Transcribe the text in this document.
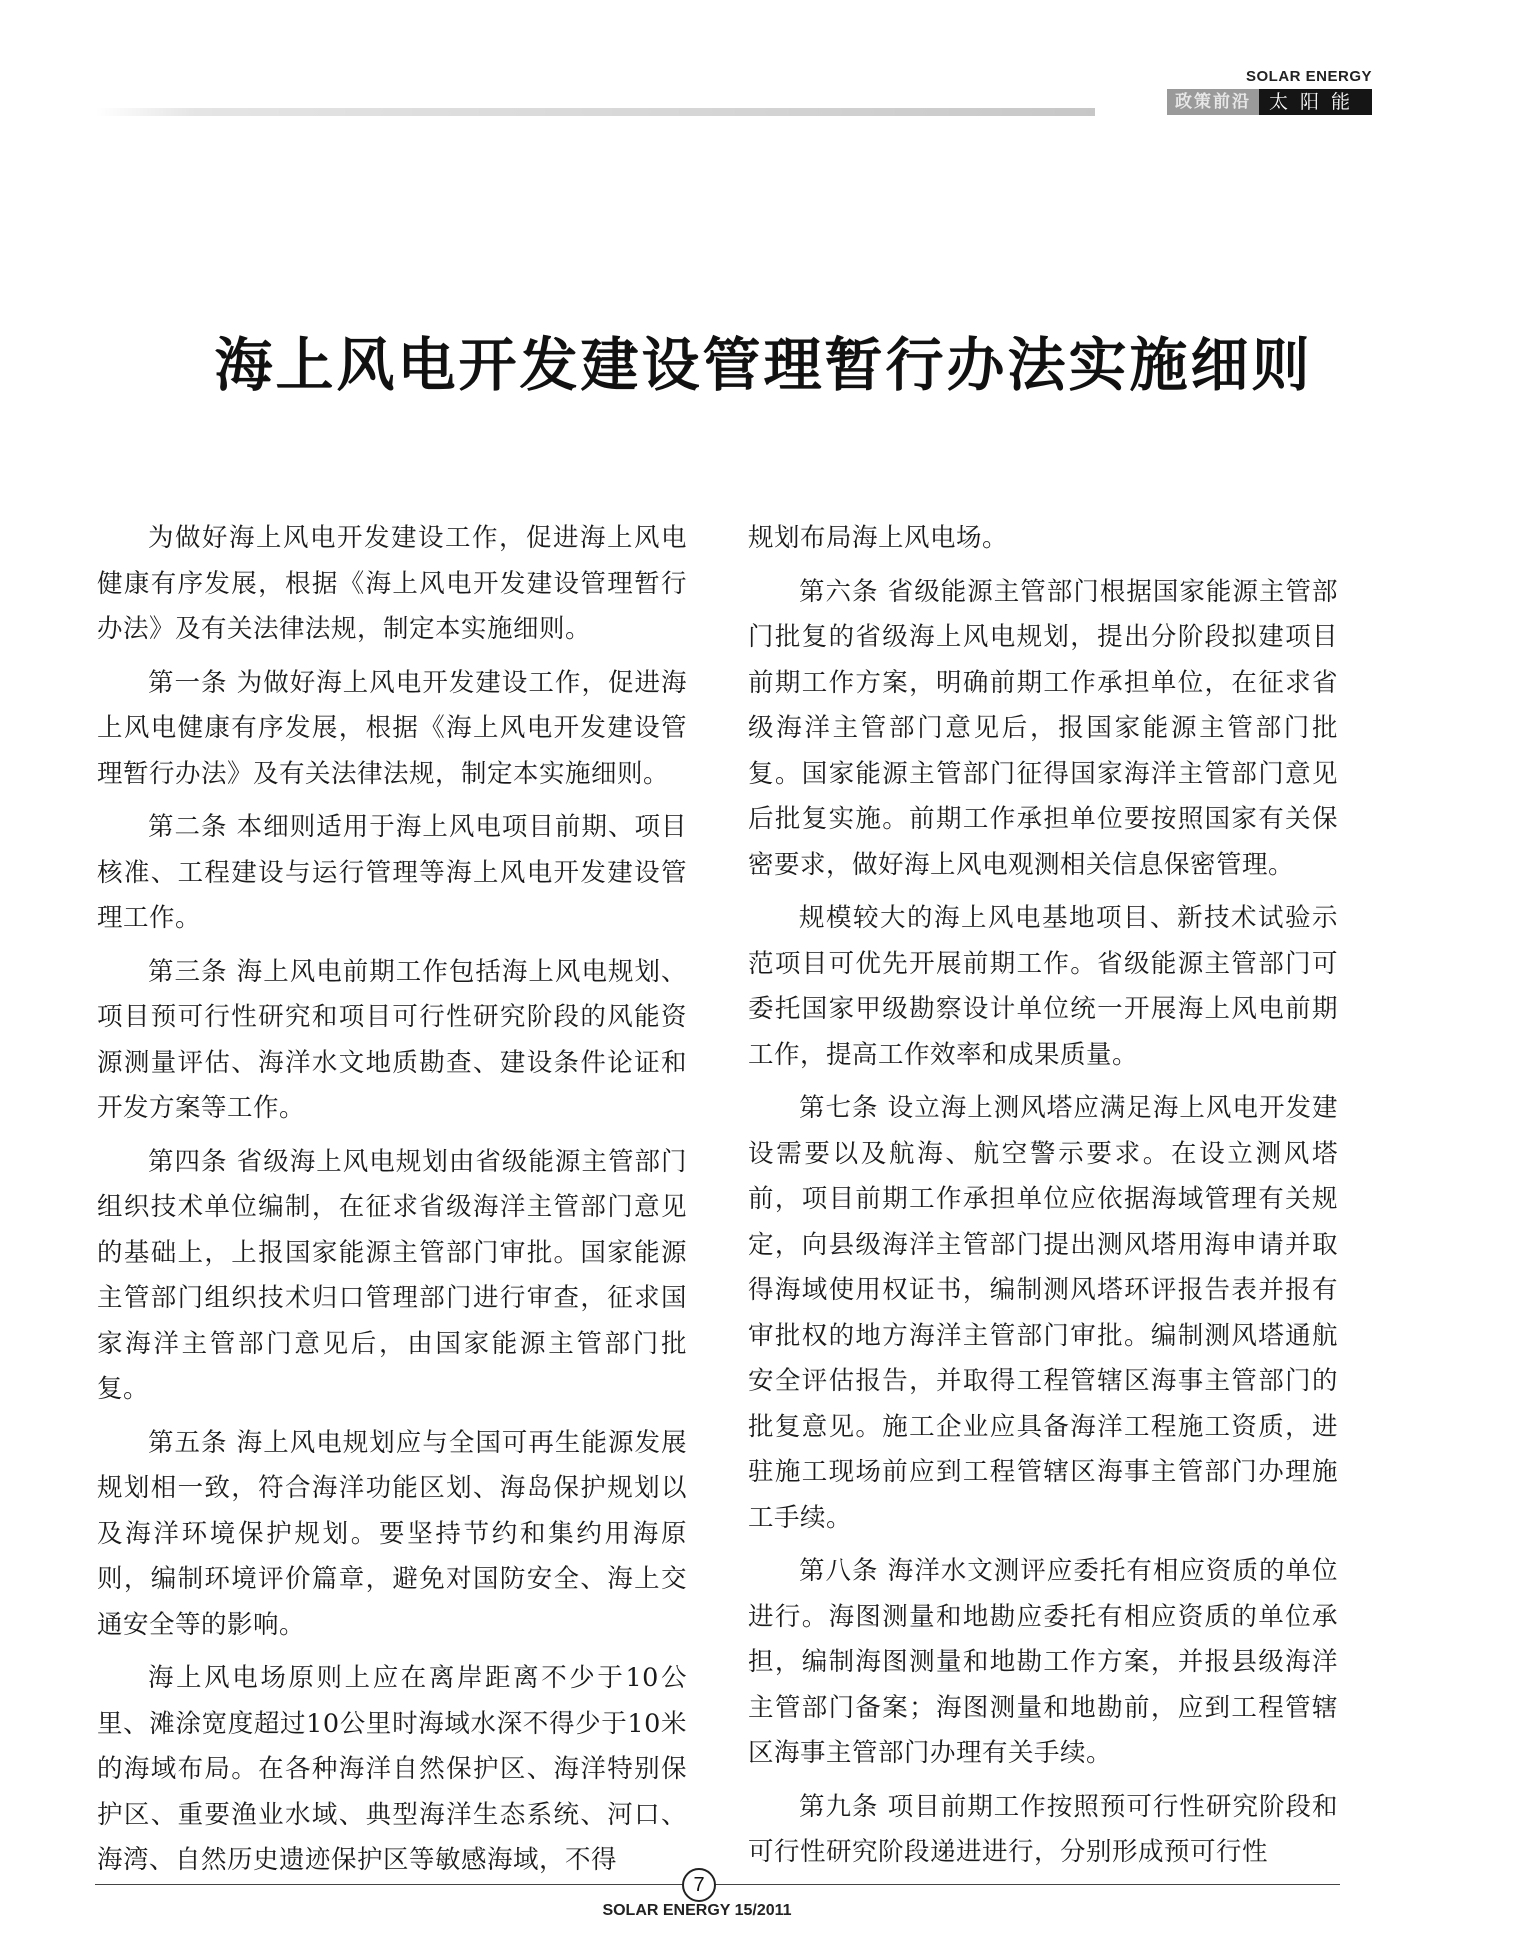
SOLAR ENERGY
政策前沿 太阳能
海上风电开发建设管理暂行办法实施细则

为做好海上风电开发建设工作，促进海上风电健康有序发展，根据《海上风电开发建设管理暂行办法》及有关法律法规，制定本实施细则。

第一条 为做好海上风电开发建设工作，促进海上风电健康有序发展，根据《海上风电开发建设管理暂行办法》及有关法律法规，制定本实施细则。

第二条 本细则适用于海上风电项目前期、项目核准、工程建设与运行管理等海上风电开发建设管理工作。

第三条 海上风电前期工作包括海上风电规划、项目预可行性研究和项目可行性研究阶段的风能资源测量评估、海洋水文地质勘查、建设条件论证和开发方案等工作。

第四条 省级海上风电规划由省级能源主管部门组织技术单位编制，在征求省级海洋主管部门意见的基础上，上报国家能源主管部门审批。国家能源主管部门组织技术归口管理部门进行审查，征求国家海洋主管部门意见后，由国家能源主管部门批复。

第五条 海上风电规划应与全国可再生能源发展规划相一致，符合海洋功能区划、海岛保护规划以及海洋环境保护规划。要坚持节约和集约用海原则，编制环境评价篇章，避免对国防安全、海上交通安全等的影响。

海上风电场原则上应在离岸距离不少于10公里、滩涂宽度超过10公里时海域水深不得少于10米的海域布局。在各种海洋自然保护区、海洋特别保护区、重要渔业水域、典型海洋生态系统、河口、海湾、自然历史遗迹保护区等敏感海域，不得

规划布局海上风电场。

第六条 省级能源主管部门根据国家能源主管部门批复的省级海上风电规划，提出分阶段拟建项目前期工作方案，明确前期工作承担单位，在征求省级海洋主管部门意见后，报国家能源主管部门批复。国家能源主管部门征得国家海洋主管部门意见后批复实施。前期工作承担单位要按照国家有关保密要求，做好海上风电观测相关信息保密管理。

规模较大的海上风电基地项目、新技术试验示范项目可优先开展前期工作。省级能源主管部门可委托国家甲级勘察设计单位统一开展海上风电前期工作，提高工作效率和成果质量。

第七条 设立海上测风塔应满足海上风电开发建设需要以及航海、航空警示要求。在设立测风塔前，项目前期工作承担单位应依据海域管理有关规定，向县级海洋主管部门提出测风塔用海申请并取得海域使用权证书，编制测风塔环评报告表并报有审批权的地方海洋主管部门审批。编制测风塔通航安全评估报告，并取得工程管辖区海事主管部门的批复意见。施工企业应具备海洋工程施工资质，进驻施工现场前应到工程管辖区海事主管部门办理施工手续。

第八条 海洋水文测评应委托有相应资质的单位进行。海图测量和地勘应委托有相应资质的单位承担，编制海图测量和地勘工作方案，并报县级海洋主管部门备案；海图测量和地勘前，应到工程管辖区海事主管部门办理有关手续。

第九条 项目前期工作按照预可行性研究阶段和可行性研究阶段递进进行，分别形成预可行性

7
SOLAR ENERGY 15/2011
